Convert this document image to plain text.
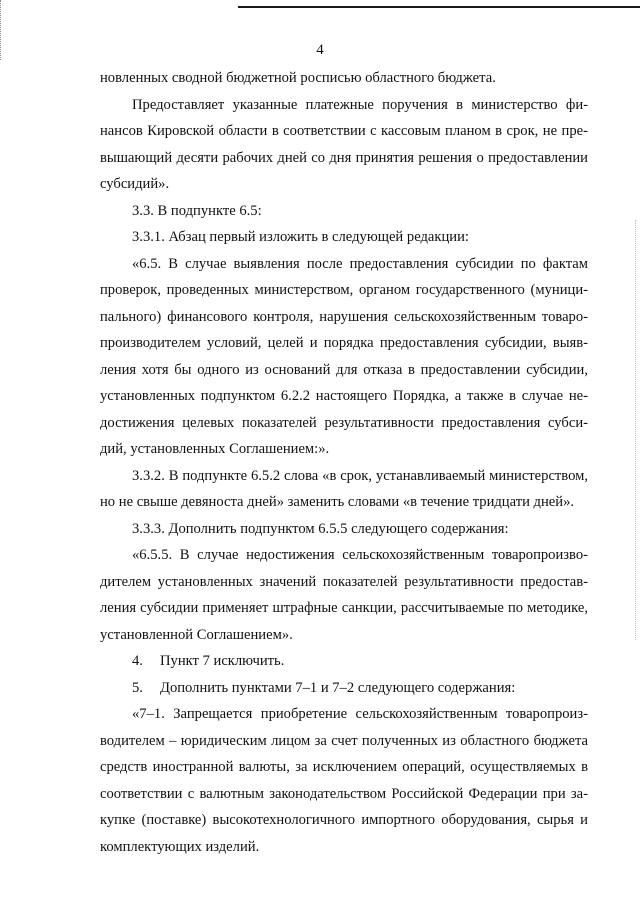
4

новленных сводной бюджетной росписью областного бюджета.

Предоставляет указанные платежные поручения в министерство фи-
нансов Кировской области в соответствии с кассовым планом в срок, не пре-
вышающий десяти рабочих дней со дня принятия решения о предоставлении
субсидий».

3.3. В подпункте 6.5:

3.3.1. Абзац первый изложить в следующей редакции:

«6.5. В случае выявления после предоставления субсидии по фактам
проверок, проведенных министерством, органом государственного (муници-
пального) финансового контроля, нарушения сельскохозяйственным товаро-
производителем условий, целей и порядка предоставления субсидии, выяв-
ления хотя бы одного из оснований для отказа в предоставлении субсидии,
установленных подпунктом 6.2.2 настоящего Порядка, а также в случае не-
достижения целевых показателей результативности предоставления субси-
дий, установленных Соглашением:».

3.3.2. В подпункте 6.5.2 слова «в срок, устанавливаемый министерством,
но не свыше девяноста дней» заменить словами «в течение тридцати дней».

3.3.3. Дополнить подпунктом 6.5.5 следующего содержания:

«6.5.5. В случае недостижения сельскохозяйственным товаропроизво-
дителем установленных значений показателей результативности предостав-
ления субсидии применяет штрафные санкции, рассчитываемые по методике,
установленной Соглашением».

4. Пункт 7 исключить.

5. Дополнить пунктами 7–1 и 7–2 следующего содержания:

«7–1. Запрещается приобретение сельскохозяйственным товаропроиз-
водителем – юридическим лицом за счет полученных из областного бюджета
средств иностранной валюты, за исключением операций, осуществляемых в
соответствии с валютным законодательством Российской Федерации при за-
купке (поставке) высокотехнологичного импортного оборудования, сырья и
комплектующих изделий.
